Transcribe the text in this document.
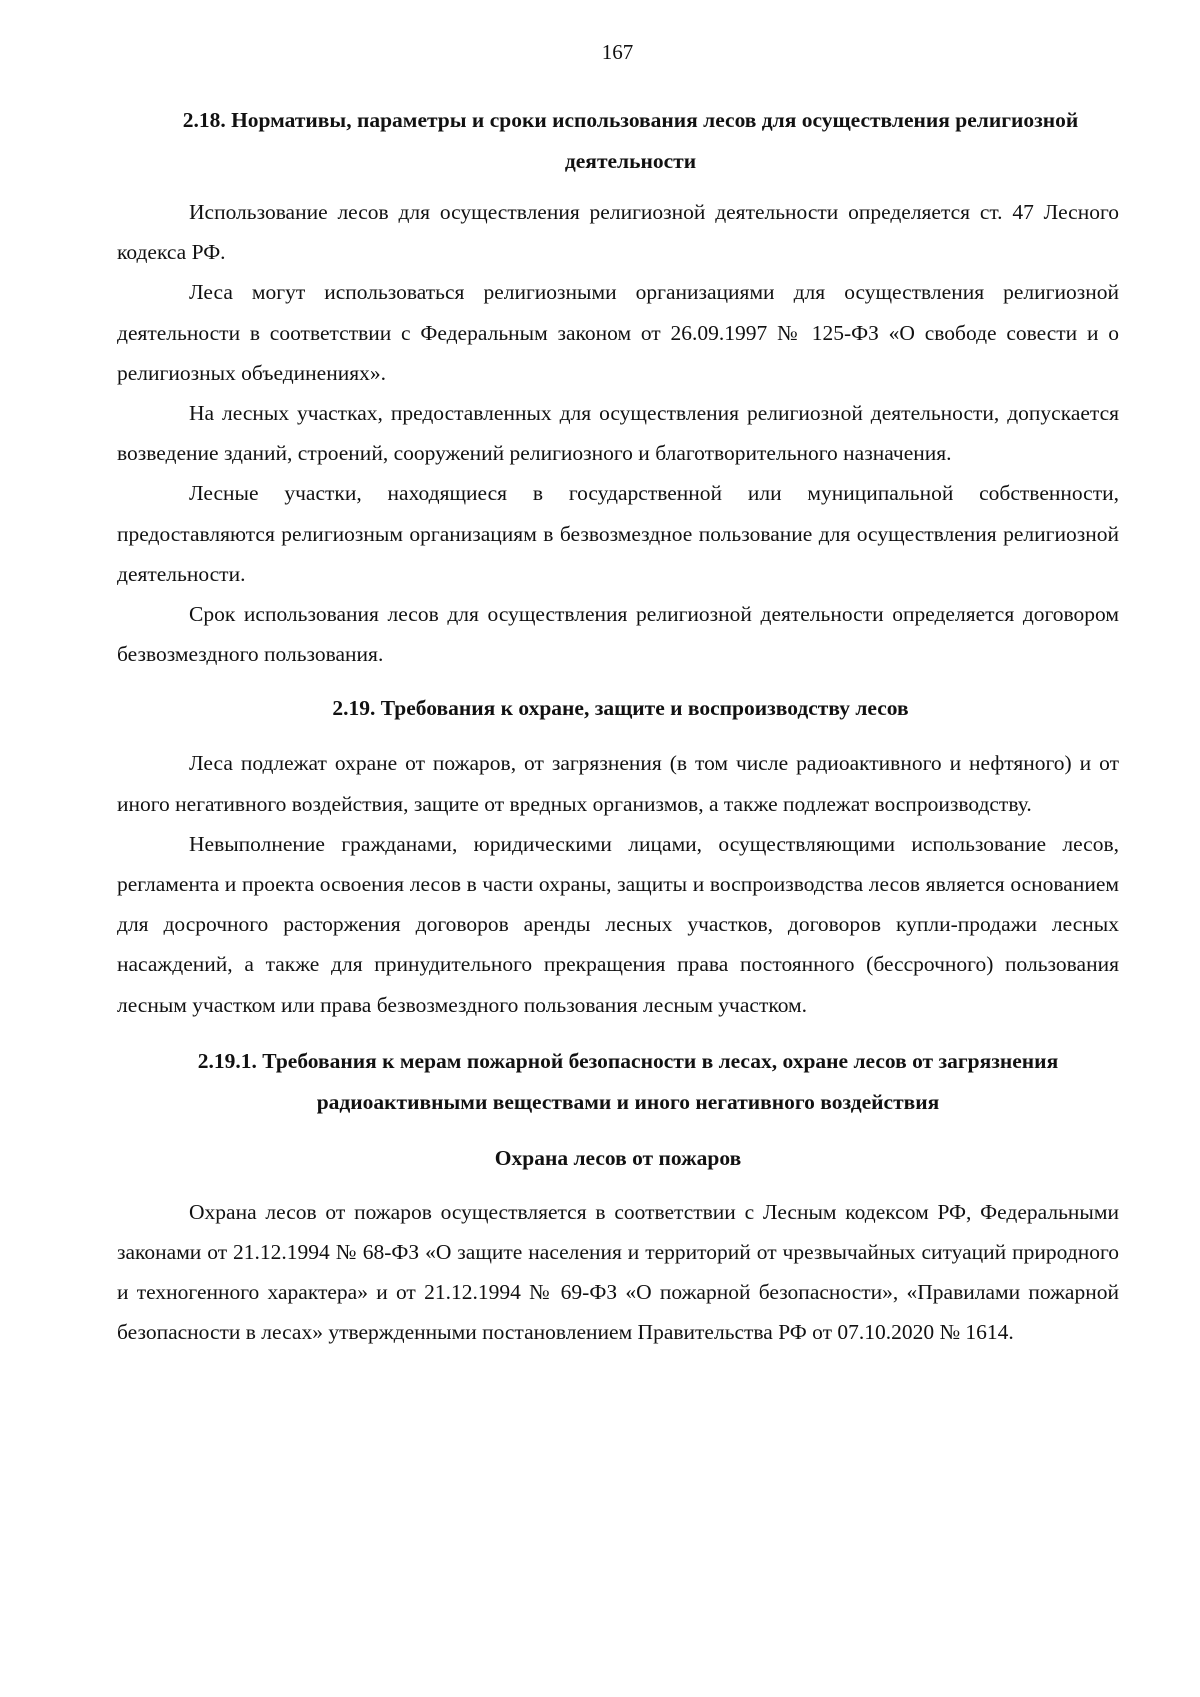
167
2.18. Нормативы, параметры и сроки использования лесов для осуществления религиозной деятельности

Использование лесов для осуществления религиозной деятельности определяется ст. 47 Лесного кодекса РФ.

Леса могут использоваться религиозными организациями для осуществления религиозной деятельности в соответствии с Федеральным законом от 26.09.1997 № 125-ФЗ «О свободе совести и о религиозных объединениях».

На лесных участках, предоставленных для осуществления религиозной деятельности, допускается возведение зданий, строений, сооружений религиозного и благотворительного назначения.

Лесные участки, находящиеся в государственной или муниципальной собственности, предоставляются религиозным организациям в безвозмездное пользование для осуществления религиозной деятельности.

Срок использования лесов для осуществления религиозной деятельности определяется договором безвозмездного пользования.

2.19. Требования к охране, защите и воспроизводству лесов

Леса подлежат охране от пожаров, от загрязнения (в том числе радиоактивного и нефтяного) и от иного негативного воздействия, защите от вредных организмов, а также подлежат воспроизводству.

Невыполнение гражданами, юридическими лицами, осуществляющими использование лесов, регламента и проекта освоения лесов в части охраны, защиты и воспроизводства лесов является основанием для досрочного расторжения договоров аренды лесных участков, договоров купли-продажи лесных насаждений, а также для принудительного прекращения права постоянного (бессрочного) пользования лесным участком или права безвозмездного пользования лесным участком.

2.19.1. Требования к мерам пожарной безопасности в лесах, охране лесов от загрязнения радиоактивными веществами и иного негативного воздействия
Охрана лесов от пожаров

Охрана лесов от пожаров осуществляется в соответствии с Лесным кодексом РФ, Федеральными законами от 21.12.1994 № 68-ФЗ «О защите населения и территорий от чрезвычайных ситуаций природного и техногенного характера» и от 21.12.1994 № 69-ФЗ «О пожарной безопасности», «Правилами пожарной безопасности в лесах» утвержденными постановлением Правительства РФ от 07.10.2020 № 1614.
